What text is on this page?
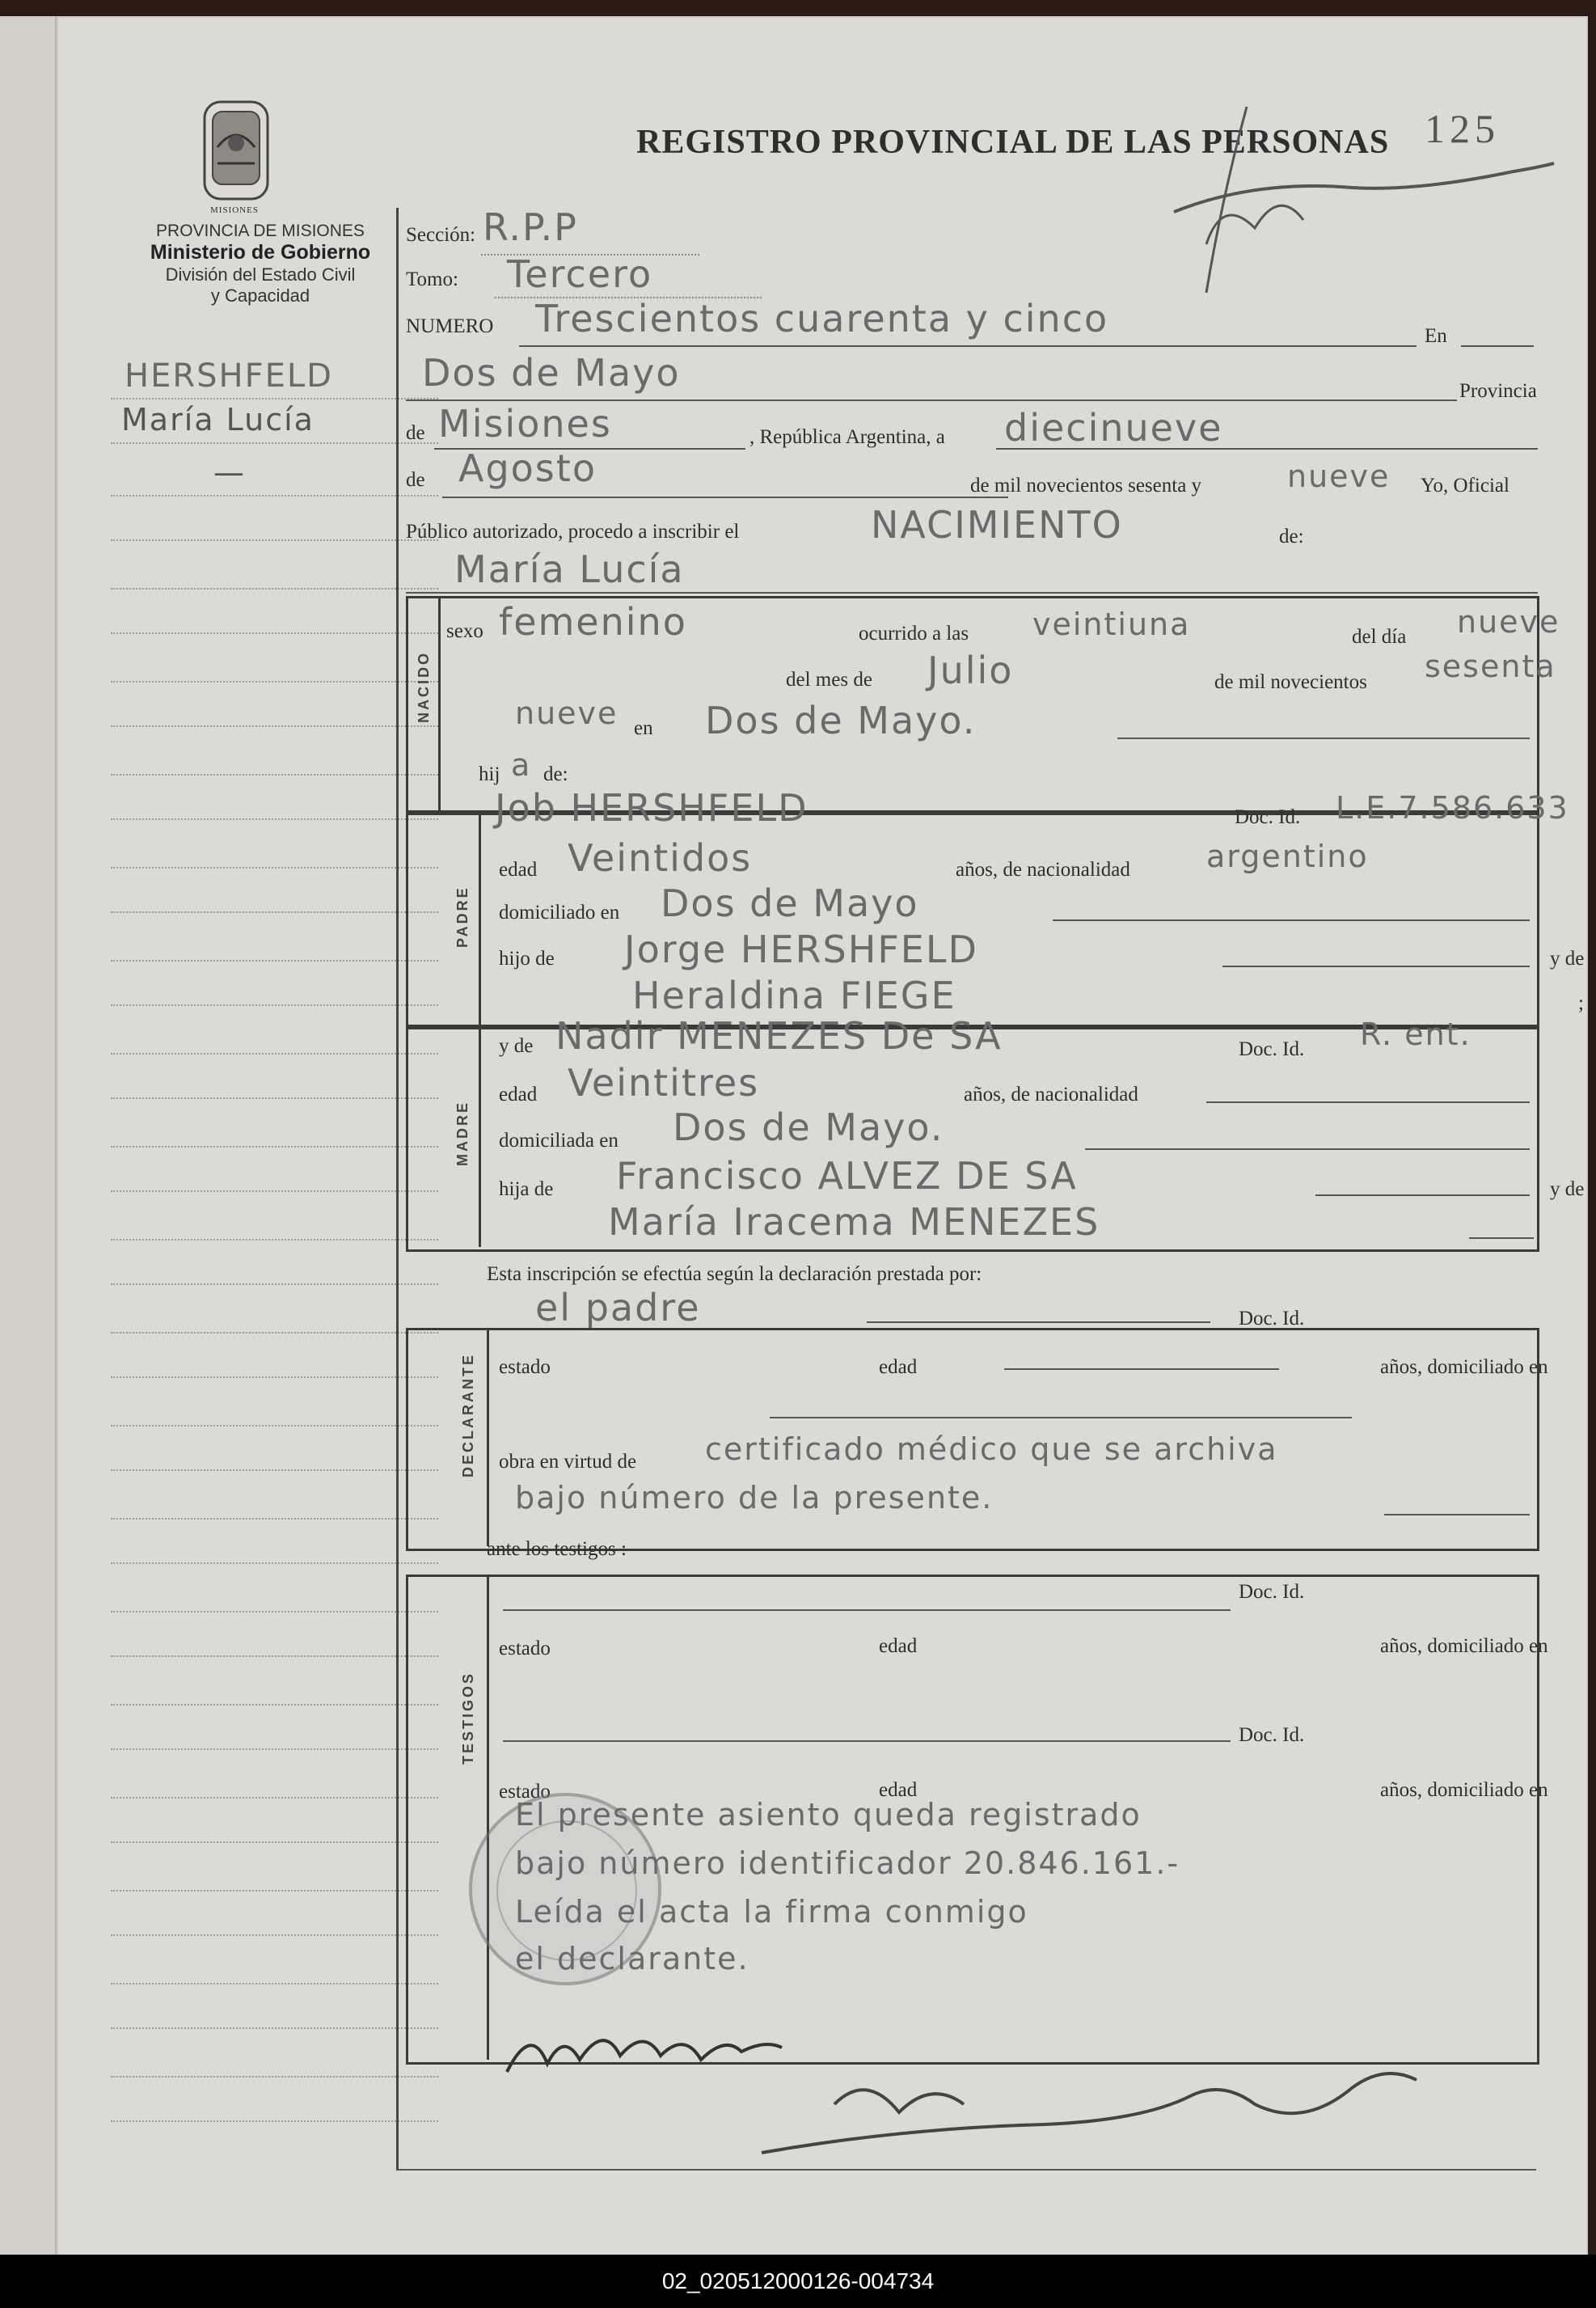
MISIONES
PROVINCIA DE MISIONES
Ministerio de Gobierno
División del Estado Civil
y Capacidad
REGISTRO PROVINCIAL DE LAS PERSONAS 125
HERSHFELD
María Lucía
—
Sección: R.P.P
Tomo: Tercero
NUMERO Trescientos cuarenta y cinco	En
Dos de Mayo	Provincia
de Misiones	, República Argentina, a diecinueve
de Agosto	de mil novecientos sesenta y	nueve Yo, Oficial
Público autorizado, procedo a inscribir el	NACIMIENTO	de:
María Lucía
NACIDO
sexo femenino	ocurrido a las veintiuna	del día nueve
del mes de Julio	de mil novecientos sesenta
nueve en Dos de Mayo.
hij a de:
PADRE
Job HERSHFELD	Doc. Id. L.E.7.586.633
edad Veintidos	años, de nacionalidad argentino
domiciliado en Dos de Mayo
hijo de Jorge HERSHFELD	y de
Heraldina FIEGE	;
MADRE
y de Nadir MENEZES De SA	Doc. Id. R. ent.
edad Veintitres	años, de nacionalidad
domiciliada en Dos de Mayo.
hija de Francisco ALVEZ DE SA	y de
María Iracema MENEZES
Esta inscripción se efectúa según la declaración prestada por:
el padre	Doc. Id.
DECLARANTE estado	edad	años, domiciliado en
obra en virtud de certificado médico que se archiva
bajo número de la presente.
ante los testigos :
TESTIGOS
Doc. Id.
estado	edad	años, domiciliado en
Doc. Id.
estado	edad	años, domiciliado en
El presente asiento queda registrado
bajo número identificador 20.846.161.-
Leída el acta la firma conmigo
el declarante.
02_020512000126-004734
